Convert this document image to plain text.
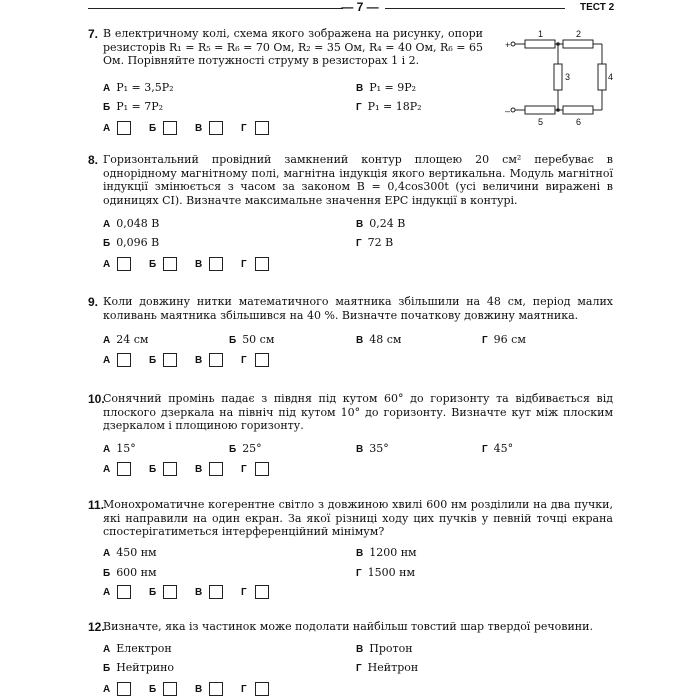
— 7 —	ТЕСТ 2
7. В електричному колі, схема якого зображена на рисунку, опори резисторів R₁ = R₅ = R₆ = 70 Ом, R₂ = 35 Ом, R₄ = 40 Ом, R₆ = 65 Ом. Порівняйте потужності струму в резисторах 1 і 2.
А P₁ = 3,5P₂	В P₁ = 9P₂
Б P₁ = 7P₂	Г P₁ = 18P₂
А	Б	В	Г
+
–
1	2
3	4
5	6
8. Горизонтальний провідний замкнений контур площею 20 см² перебуває в однорідному магнітному полі, магнітна індукція якого вертикальна. Модуль магнітної індукції змінюється з часом за законом B = 0,4cos300t (усі величини виражені в одиницях СІ). Визначте максимальне значення ЕРС індукції в контурі.
А 0,048 В	В 0,24 В
Б 0,096 В	Г 72 В
А	Б	В	Г
9. Коли довжину нитки математичного маятника збільшили на 48 см, період малих коливань маятника збільшився на 40 %. Визначте початкову довжину маятника.
А 24 см	Б 50 см	В 48 см	Г 96 см
А	Б	В	Г
10.
Сонячний промінь падає з півдня під кутом 60° до горизонту та відбивається від плоского дзеркала на північ під кутом 10° до горизонту. Визначте кут між плоским дзеркалом і площиною горизонту.
А 15°	Б 25°	В 35°	Г 45°
А	Б	В	Г
11.
Монохроматичне когерентне світло з довжиною хвилі 600 нм розділили на два пучки, які направили на один екран. За якої різниці ходу цих пучків у певній точці екрана спостерігатиметься інтерференційний мінімум?
А 450 нм	В 1200 нм
Б 600 нм	Г 1500 нм
А	Б	В	Г
12.
Визначте, яка із частинок може подолати найбільш товстий шар твердої речовини.
А Електрон	В Протон
Б Нейтрино	Г Нейтрон
А	Б	В	Г
